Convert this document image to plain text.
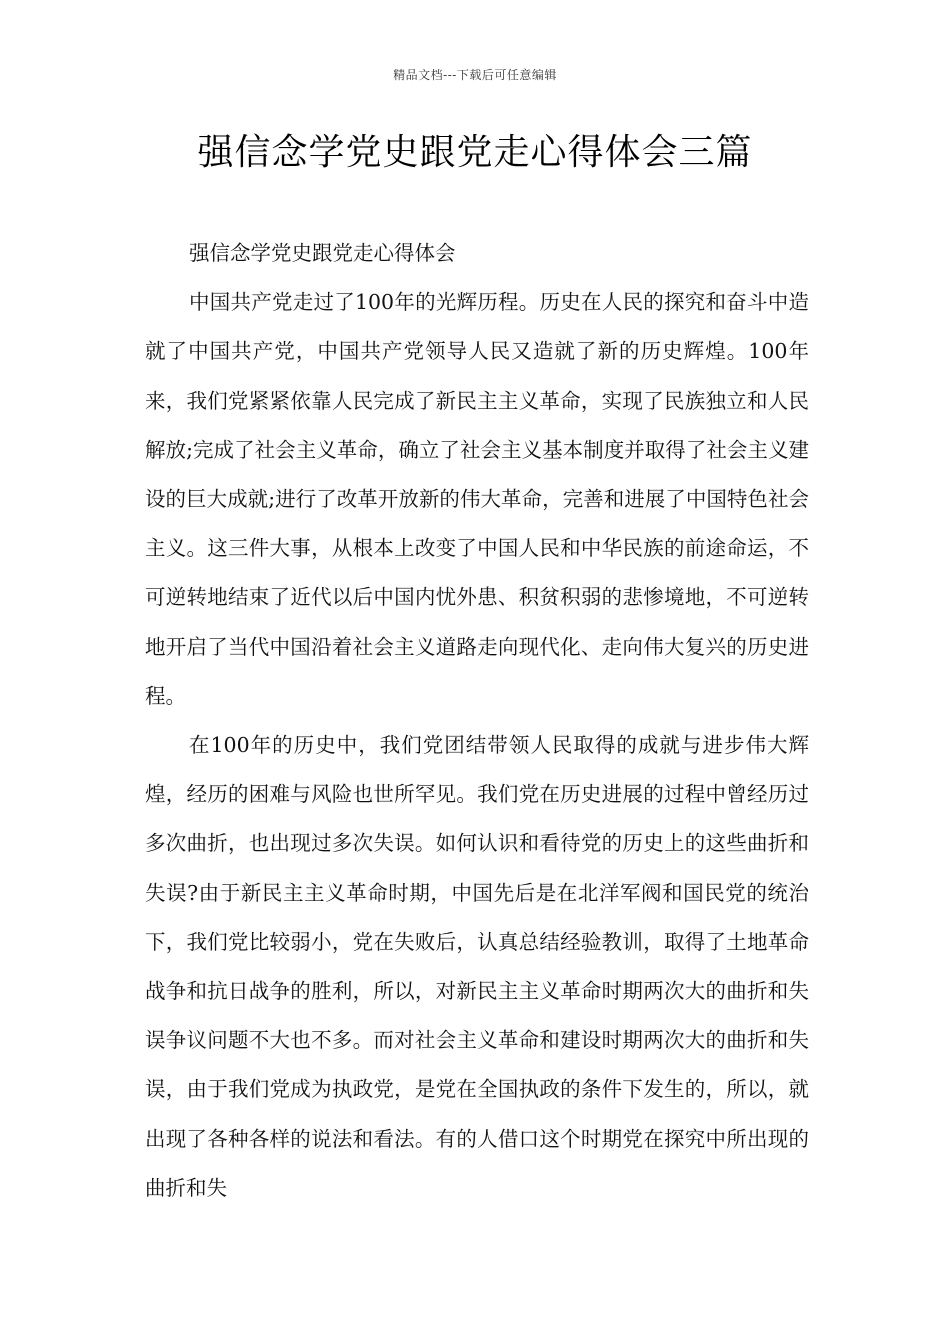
精品文档---下载后可任意编辑
强信念学党史跟党走心得体会三篇

强信念学党史跟党走心得体会

中国共产党走过了100年的光辉历程。历史在人民的探究和奋斗中造就了中国共产党，中国共产党领导人民又造就了新的历史辉煌。100年来，我们党紧紧依靠人民完成了新民主主义革命，实现了民族独立和人民解放;完成了社会主义革命，确立了社会主义基本制度并取得了社会主义建设的巨大成就;进行了改革开放新的伟大革命，完善和进展了中国特色社会主义。这三件大事，从根本上改变了中国人民和中华民族的前途命运，不可逆转地结束了近代以后中国内忧外患、积贫积弱的悲惨境地，不可逆转地开启了当代中国沿着社会主义道路走向现代化、走向伟大复兴的历史进程。

在100年的历史中，我们党团结带领人民取得的成就与进步伟大辉煌，经历的困难与风险也世所罕见。我们党在历史进展的过程中曾经历过多次曲折，也出现过多次失误。如何认识和看待党的历史上的这些曲折和失误?由于新民主主义革命时期，中国先后是在北洋军阀和国民党的统治下，我们党比较弱小，党在失败后，认真总结经验教训，取得了土地革命战争和抗日战争的胜利，所以，对新民主主义革命时期两次大的曲折和失误争议问题不大也不多。而对社会主义革命和建设时期两次大的曲折和失误，由于我们党成为执政党，是党在全国执政的条件下发生的，所以，就出现了各种各样的说法和看法。有的人借口这个时期党在探究中所出现的曲折和失
